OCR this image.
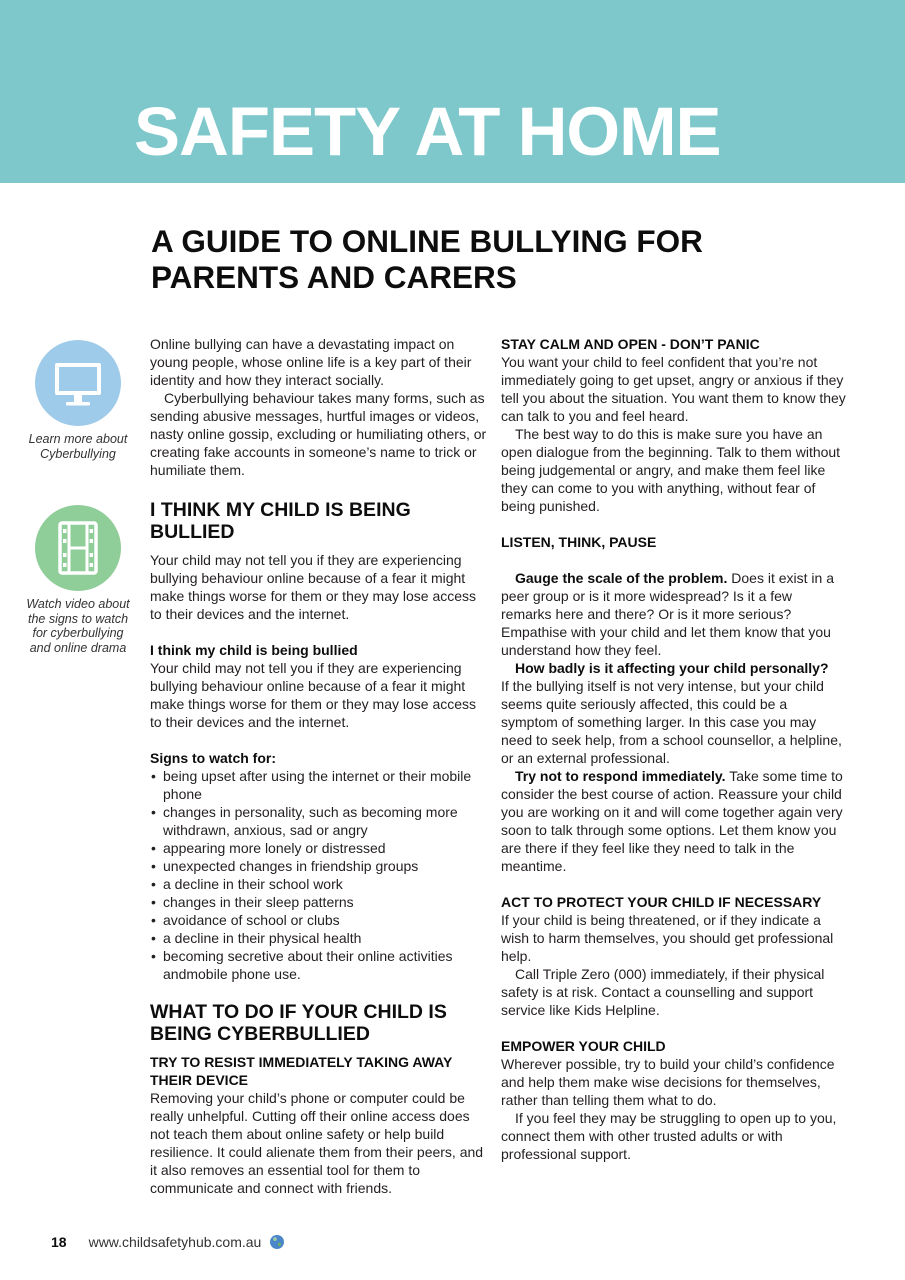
SAFETY AT HOME
A GUIDE TO ONLINE BULLYING FOR PARENTS AND CARERS
Learn more about Cyberbullying
Watch video about the signs to watch for cyberbullying and online drama

Online bullying can have a devastating impact on young people, whose online life is a key part of their identity and how they interact socially.

Cyberbullying behaviour takes many forms, such as sending abusive messages, hurtful images or videos, nasty online gossip, excluding or humiliating others, or creating fake accounts in someone’s name to trick or humiliate them.

I THINK MY CHILD IS BEING BULLIED

Your child may not tell you if they are experiencing bullying behaviour online because of a fear it might make things worse for them or they may lose access to their devices and the internet.

I think my child is being bullied

Your child may not tell you if they are experiencing bullying behaviour online because of a fear it might make things worse for them or they may lose access to their devices and the internet.

Signs to watch for:

• being upset after using the internet or their mobile phone
• changes in personality, such as becoming more withdrawn, anxious, sad or angry
• appearing more lonely or distressed
• unexpected changes in friendship groups
• a decline in their school work
• changes in their sleep patterns
• avoidance of school or clubs
• a decline in their physical health
• becoming secretive about their online activities andmobile phone use.
WHAT TO DO IF YOUR CHILD IS BEING CYBERBULLIED

TRY TO RESIST IMMEDIATELY TAKING AWAY THEIR DEVICE

Removing your child’s phone or computer could be really unhelpful. Cutting off their online access does not teach them about online safety or help build resilience. It could alienate them from their peers, and it also removes an essential tool for them to communicate and connect with friends.

STAY CALM AND OPEN - DON’T PANIC

You want your child to feel confident that you’re not immediately going to get upset, angry or anxious if they tell you about the situation. You want them to know they can talk to you and feel heard.

The best way to do this is make sure you have an open dialogue from the beginning. Talk to them without being judgemental or angry, and make them feel like they can come to you with anything, without fear of being punished.

LISTEN, THINK, PAUSE

Gauge the scale of the problem. Does it exist in a peer group or is it more widespread? Is it a few remarks here and there? Or is it more serious? Empathise with your child and let them know that you understand how they feel.

How badly is it affecting your child personally?

If the bullying itself is not very intense, but your child seems quite seriously affected, this could be a symptom of something larger. In this case you may need to seek help, from a school counsellor, a helpline, or an external professional.

Try not to respond immediately. Take some time to consider the best course of action. Reassure your child you are working on it and will come together again very soon to talk through some options. Let them know you are there if they feel like they need to talk in the meantime.

ACT TO PROTECT YOUR CHILD IF NECESSARY

If your child is being threatened, or if they indicate a wish to harm themselves, you should get professional help.

Call Triple Zero (000) immediately, if their physical safety is at risk. Contact a counselling and support service like Kids Helpline.

EMPOWER YOUR CHILD

Wherever possible, try to build your child’s confidence and help them make wise decisions for themselves, rather than telling them what to do.

If you feel they may be struggling to open up to you, connect them with other trusted adults or with professional support.

18 www.childsafetyhub.com.au
